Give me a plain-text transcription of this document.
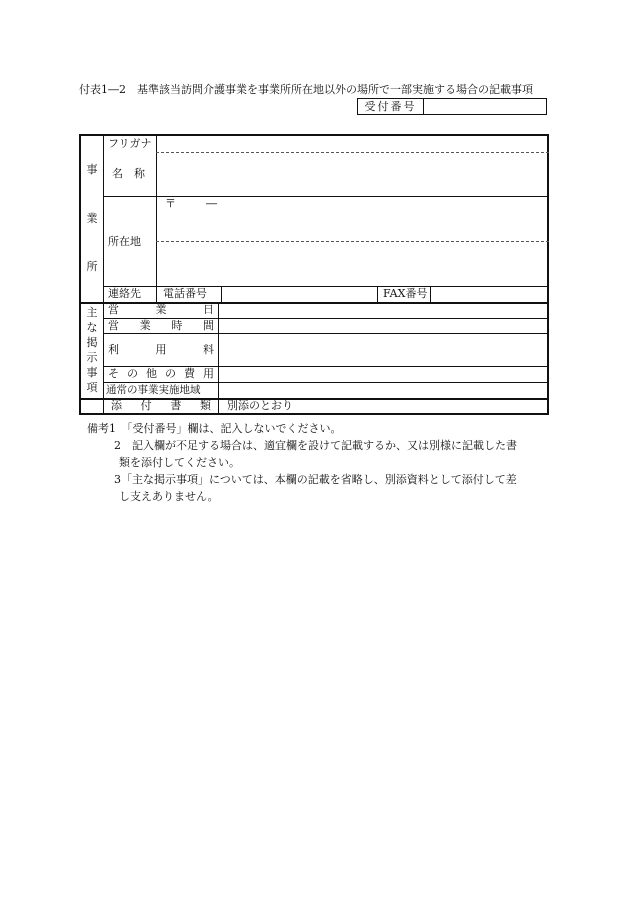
付表1―2　基準該当訪問介護事業を事業所所在地以外の場所で一部実施する場合の記載事項
受付番号
事
業
所
フリガナ
名　称
〒	―
所在地
連絡先 電話番号	FAX番号
主
な
掲
示
事
項
営	業	日
営 業 時 間
利	用	料
そ の 他 の 費 用
通常の事業実施地域
添 付 書 類 別添のとおり
備考1　「受付番号」欄は、記入しないでください。
2　記入欄が不足する場合は、適宜欄を設けて記載するか、又は別様に記載した書
類を添付してください。
3「主な掲示事項」については、本欄の記載を省略し、別添資料として添付して差
し支えありません。
